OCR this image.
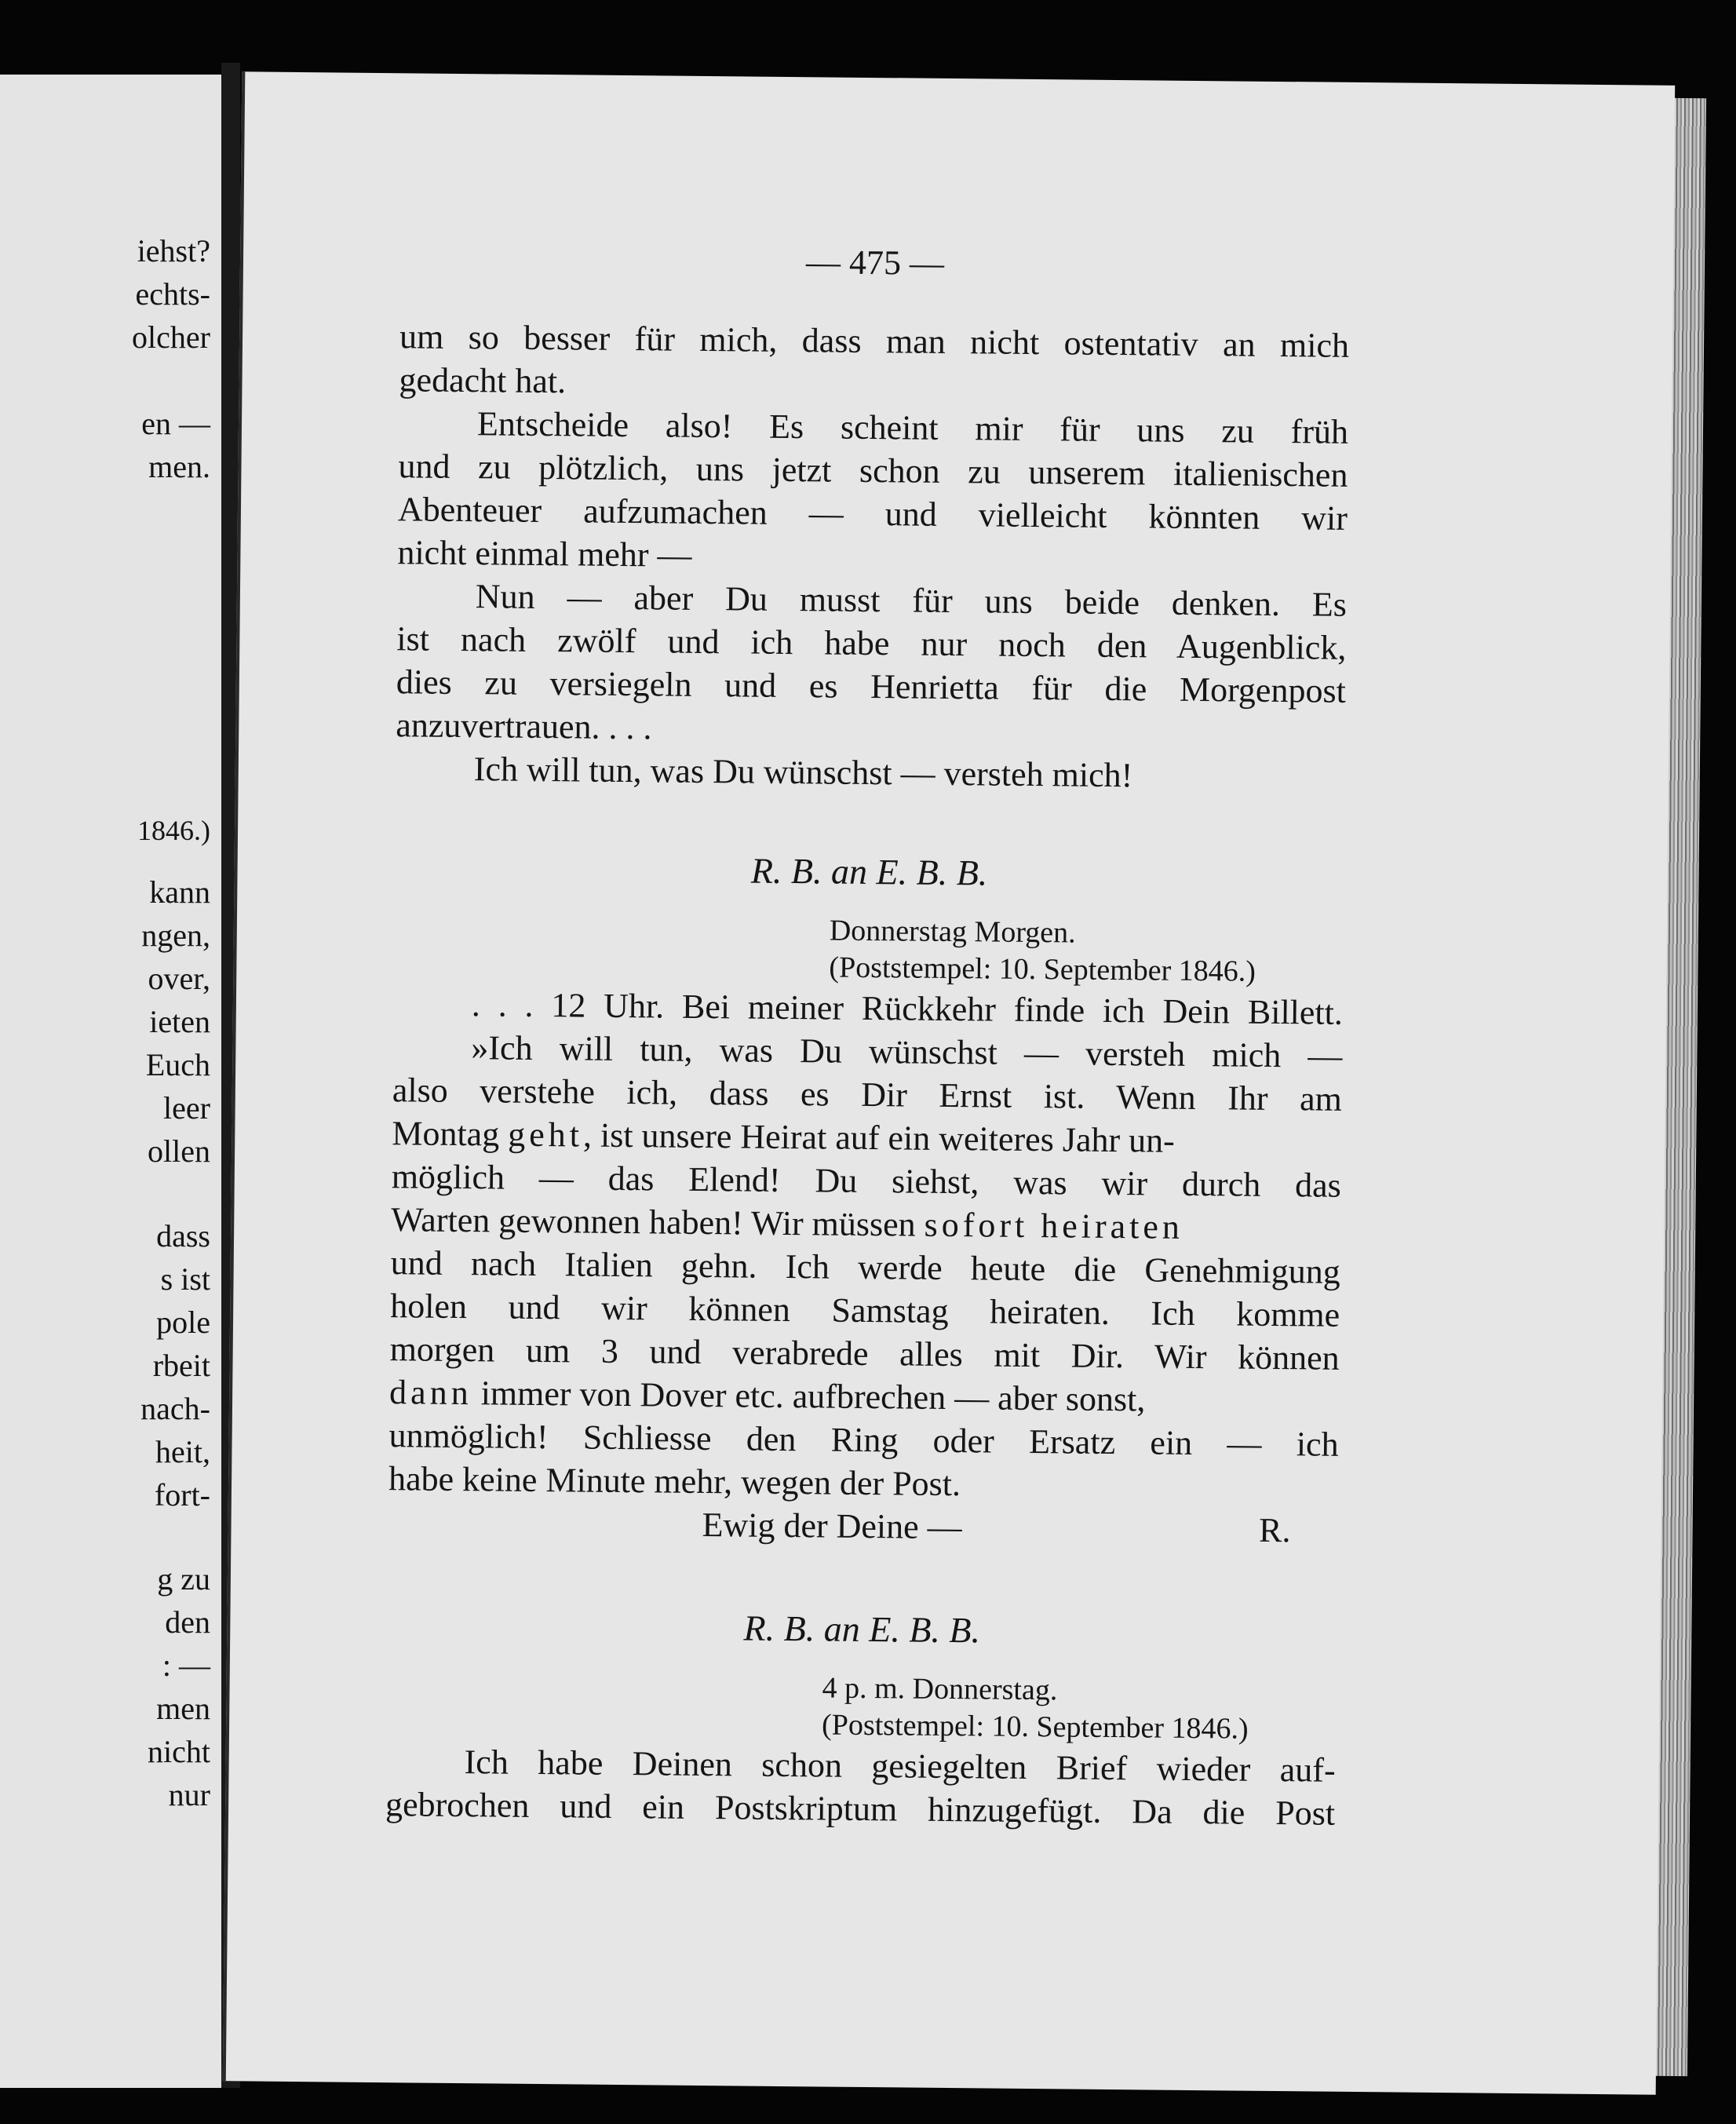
iehst?
echts-
olcher
en —
men.
1846.)
kann
ngen,
over,
ieten
Euch
leer
ollen
dass
s ist
pole
rbeit
nach-
heit,
fort-
g zu
den
: —
men
nicht
nur
— 475 —
um so besser für mich, dass man nicht ostentativ an mich
gedacht hat.
Entscheide also! Es scheint mir für uns zu früh
und zu plötzlich, uns jetzt schon zu unserem italienischen
Abenteuer aufzumachen — und vielleicht könnten wir
nicht einmal mehr —
Nun — aber Du musst für uns beide denken. Es
ist nach zwölf und ich habe nur noch den Augenblick,
dies zu versiegeln und es Henrietta für die Morgenpost
anzuvertrauen. . . .
Ich will tun, was Du wünschst — versteh mich!
R. B. an E. B. B.
Donnerstag Morgen.
(Poststempel: 10. September 1846.)
. . . 12 Uhr. Bei meiner Rückkehr finde ich Dein Billett.
»Ich will tun, was Du wünschst — versteh mich —
also verstehe ich, dass es Dir Ernst ist. Wenn Ihr am
Montag geht, ist unsere Heirat auf ein weiteres Jahr un-
möglich — das Elend! Du siehst, was wir durch das
Warten gewonnen haben! Wir müssen sofort heiraten
und nach Italien gehn. Ich werde heute die Genehmigung
holen und wir können Samstag heiraten. Ich komme
morgen um 3 und verabrede alles mit Dir. Wir können
dann immer von Dover etc. aufbrechen — aber sonst,
unmöglich! Schliesse den Ring oder Ersatz ein — ich
habe keine Minute mehr, wegen der Post.
Ewig der Deine —	R.
R. B. an E. B. B.
4 p. m. Donnerstag.
(Poststempel: 10. September 1846.)
Ich habe Deinen schon gesiegelten Brief wieder auf-
gebrochen und ein Postskriptum hinzugefügt. Da die Post
